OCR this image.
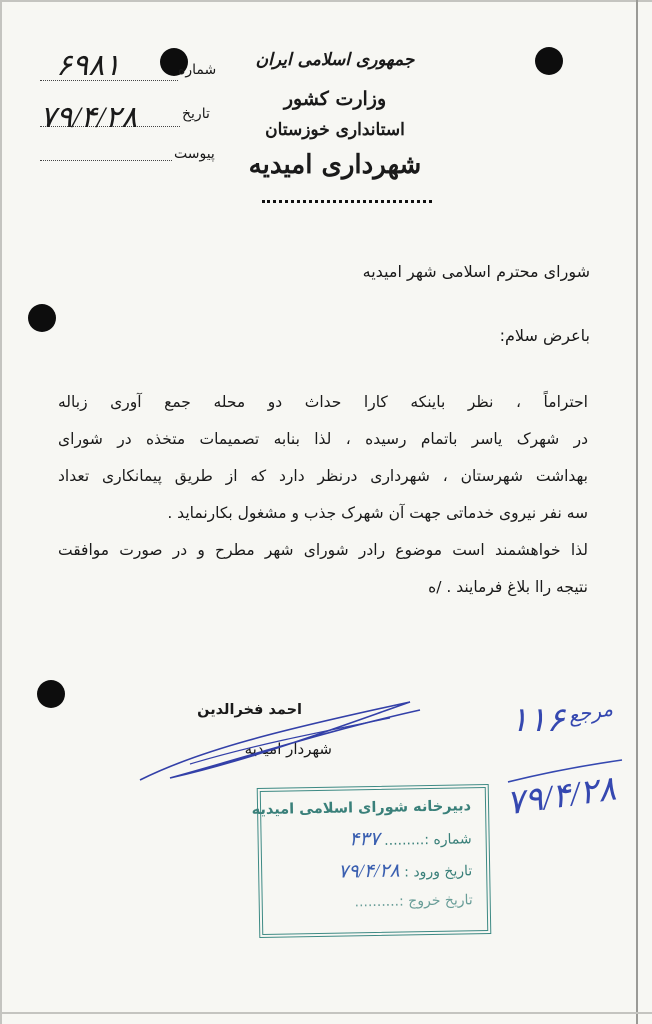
جمهوری اسلامی ایران
وزارت کشور
استانداری خوزستان
شهرداری امیدیه
شماره
۶۹۸۱
تاریخ
۷۹/۴/۲۸
پیوست
شورای محترم اسلامی شهر امیدیه
باعرض سلام:
احتراماً ، نظر باینکه کارا حداث دو محله جمع آوری زباله
در شهرک یاسر باتمام رسیده ، لذا بنابه تصمیمات متخذه در شورای
بهداشت شهرستان ، شهرداری درنظر دارد که از طریق پیمانکاری تعداد
سه نفر نیروی خدماتی جهت آن شهرک جذب و مشغول بکارنماید .
لذا خواهشمند است موضوع رادر شورای شهر مطرح و در صورت موافقت
نتیجه راا بلاغ فرمایند . /ه
احمد فخرالدین
شهردار امیدیه
دبیرخانه شورای اسلامی امیدیه
شماره :......... ۴۳۷
تاریخ ورود : ۷۹/۴/۲۸
تاریخ خروج :..........
۱۱۶ مرجع
۷۹/۴/۲۸
